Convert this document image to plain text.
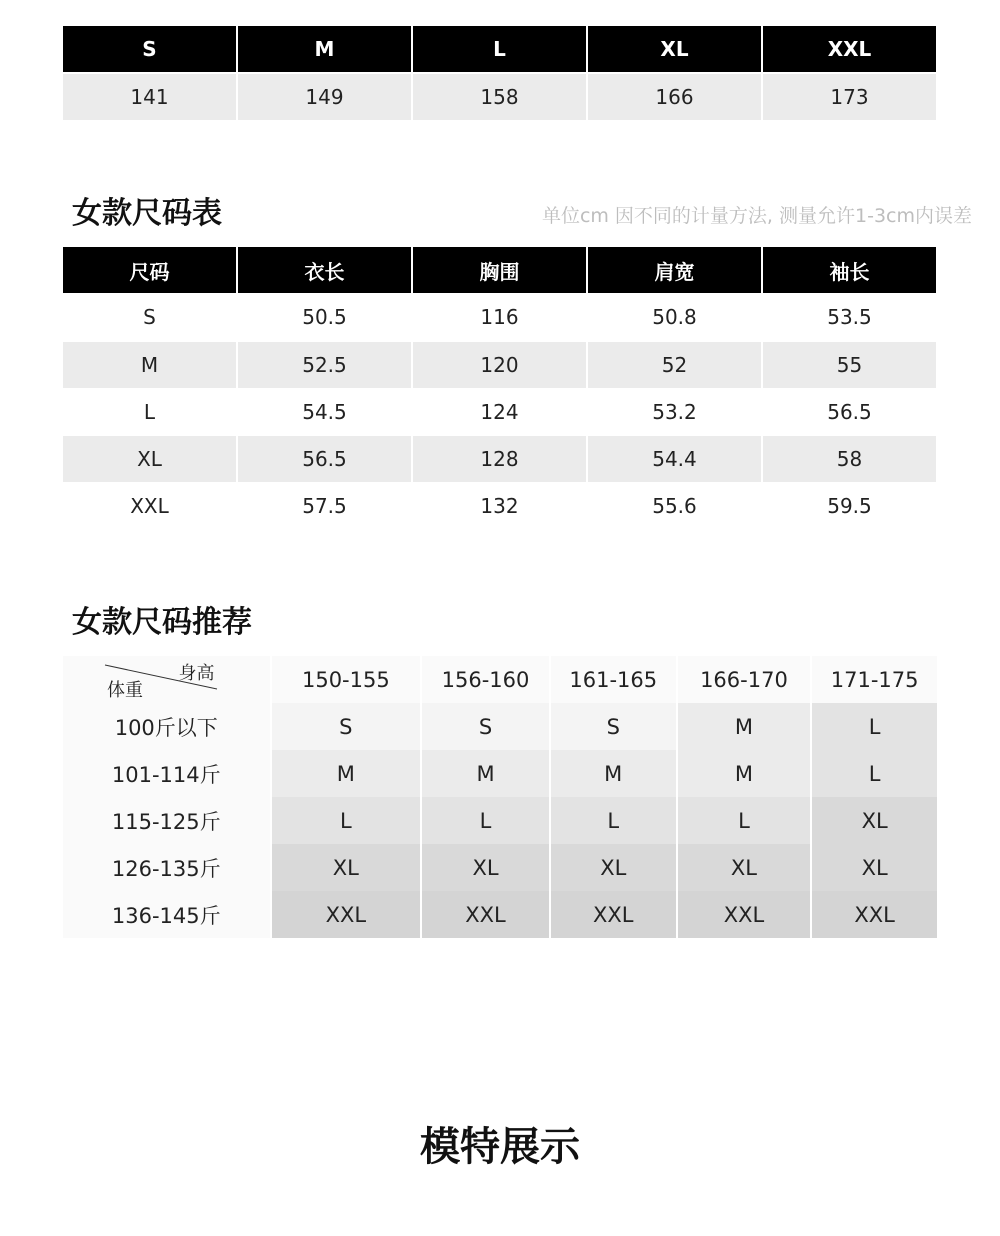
S	M	L	XL	XXL
141	149	158	166	173
女款尺码表	单位cm 因不同的计量方法, 测量允许1-3cm内误差
尺码	衣长	胸围	肩宽	袖长
S	50.5	116	50.8	53.5
M	52.5	120	52	55
L	54.5	124	53.2	56.5
XL	56.5	128	54.4	58
XXL	57.5	132	55.6	59.5
女款尺码推荐
身高
体重	150-155	156-160	161-165	166-170	171-175
100斤以下	S	S	S	M	L
101-114斤	M	M	M	M	L
115-125斤	L	L	L	L	XL
126-135斤	XL	XL	XL	XL	XL
136-145斤	XXL	XXL	XXL	XXL	XXL
模特展示
